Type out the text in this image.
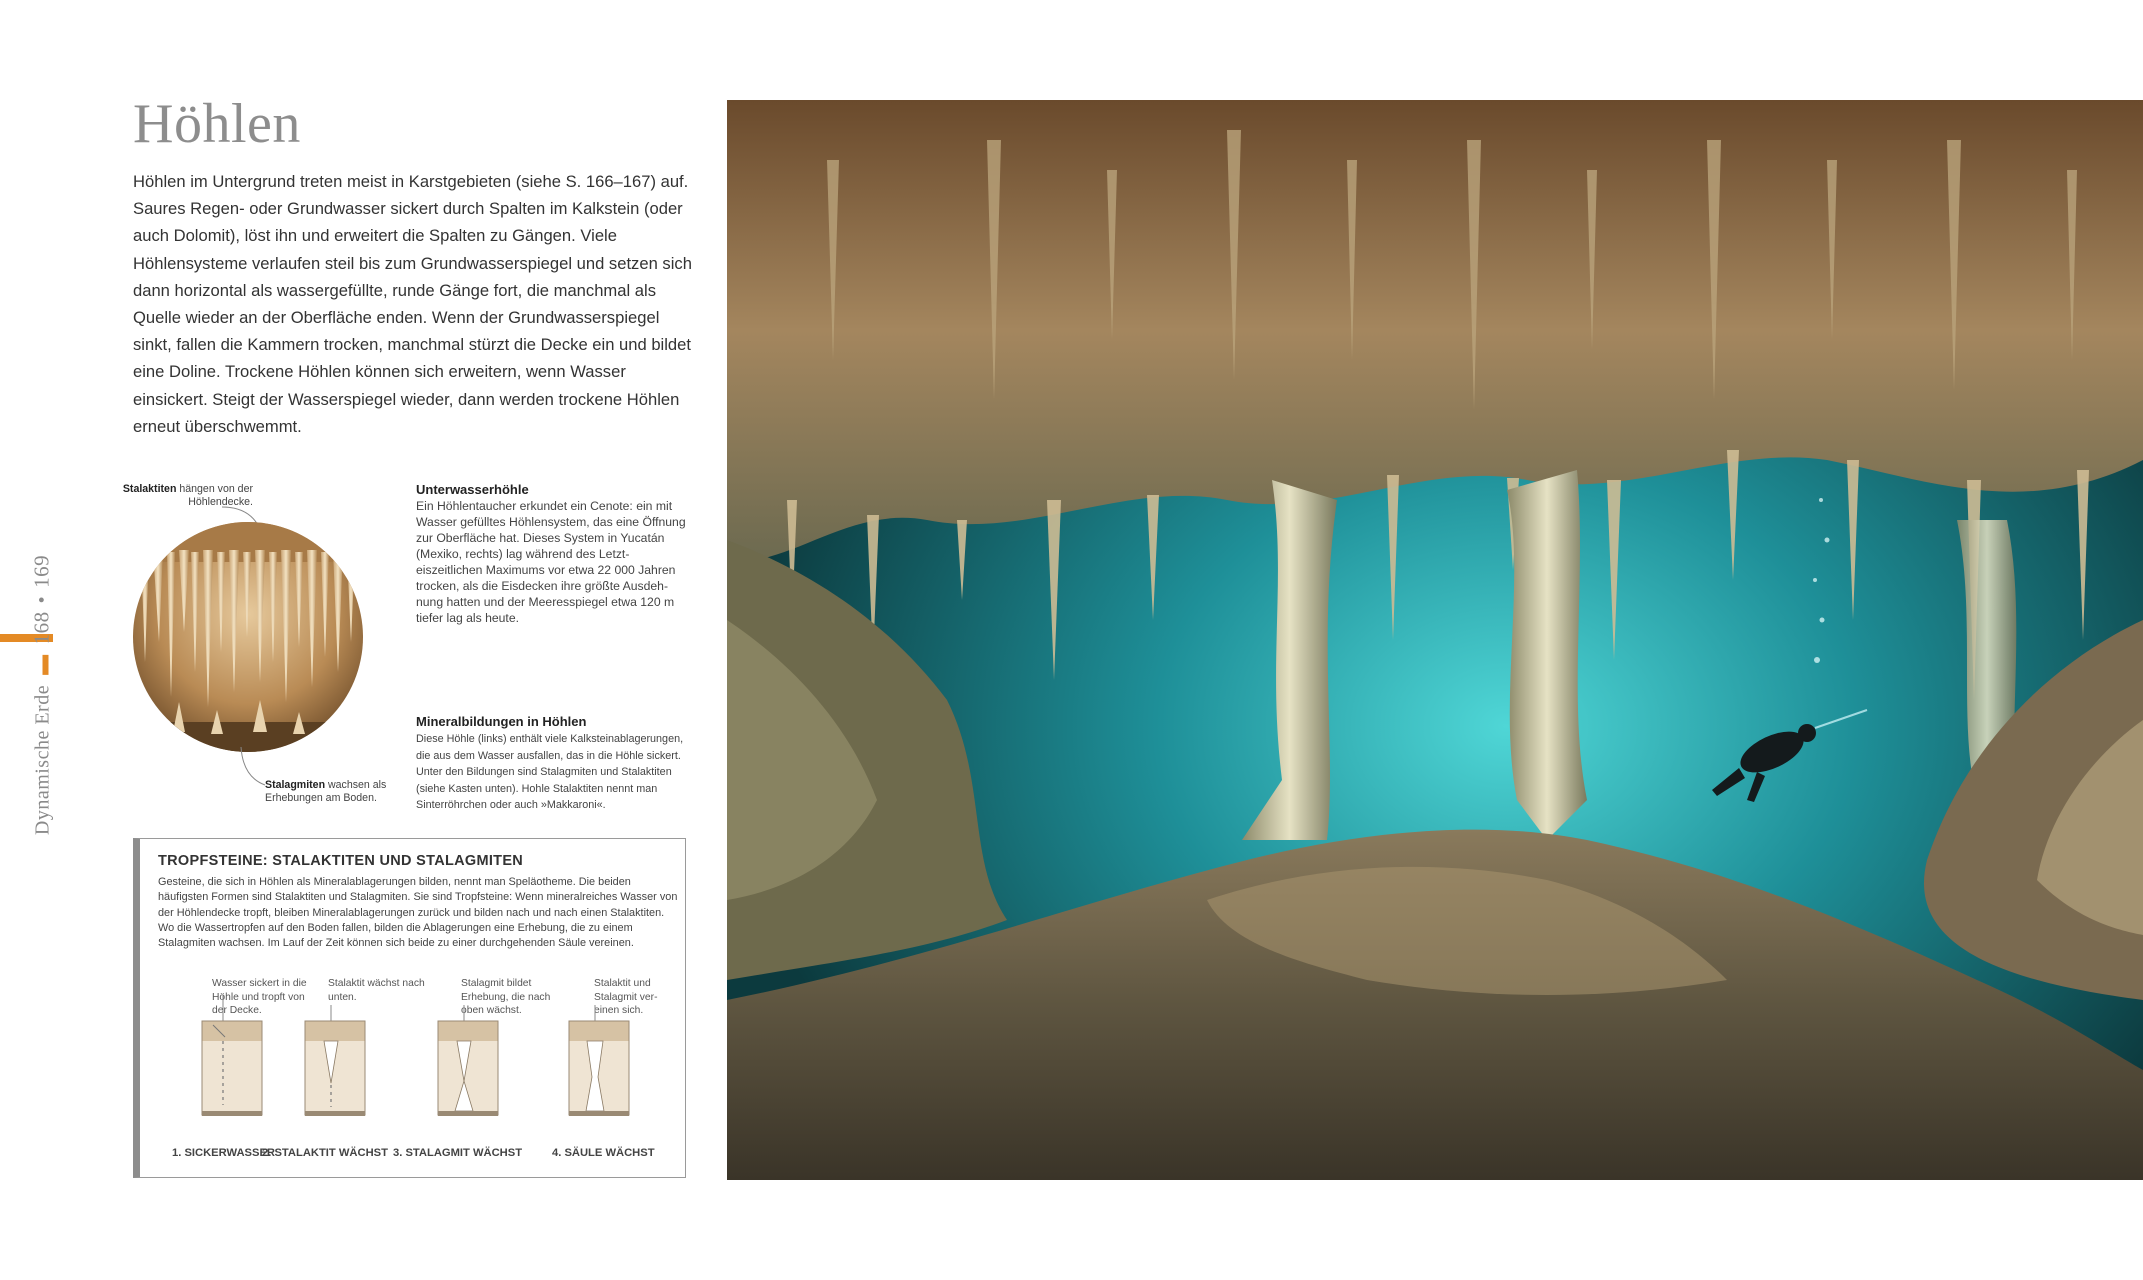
Dynamische Erde▬168•169
Höhlen
Höhlen im Untergrund treten meist in Karstgebieten (siehe S. 166–167) auf. Saures Regen- oder Grundwasser sickert durch Spalten im Kalkstein (oder auch Dolomit), löst ihn und erweitert die Spalten zu Gängen. Viele Höhlensysteme verlaufen steil bis zum Grundwasserspiegel und setzen sich dann horizontal als wassergefüllte, runde Gänge fort, die manchmal als Quelle wieder an der Oberfläche enden. Wenn der Grundwasserspiegel sinkt, fallen die Kammern trocken, manchmal stürzt die Decke ein und bildet eine Doline. Trockene Höhlen können sich erweitern, wenn Wasser einsickert. Steigt der Wasserspiegel wieder, dann werden trockene Höhlen erneut überschwemmt.
Stalaktiten hängen von der Höhlendecke.
Stalagmiten wachsen als Erhebungen am Boden.
Unterwasserhöhle
Ein Höhlentaucher erkundet ein Cenote: ein mit Wasser gefülltes Höhlensystem, das eine Öffnung zur Oberfläche hat. Dieses System in Yucatán (Mexiko, rechts) lag während des Letzteiszeitlichen Maximums vor etwa 22 000 Jahren trocken, als die Eisdecken ihre größte Ausdehnung hatten und der Meeresspiegel etwa 120 m tiefer lag als heute.
Mineralbildungen in Höhlen
Diese Höhle (links) enthält viele Kalksteinablagerungen, die aus dem Wasser ausfallen, das in die Höhle sickert. Unter den Bildungen sind Stalagmiten und Stalaktiten (siehe Kasten unten). Hohle Stalaktiten nennt man Sinterröhrchen oder auch »Makkaroni«.
TROPFSTEINE: STALAKTITEN UND STALAGMITEN
Gesteine, die sich in Höhlen als Mineralablagerungen bilden, nennt man Speläotheme. Die beiden häufigsten Formen sind Stalaktiten und Stalagmiten. Sie sind Tropfsteine: Wenn mineralreiches Wasser von der Höhlendecke tropft, bleiben Mineralablagerungen zurück und bilden nach und nach einen Stalaktiten. Wo die Wassertropfen auf den Boden fallen, bilden die Ablagerungen eine Erhebung, die zu einem Stalagmiten wachsen. Im Lauf der Zeit können sich beide zu einer durchgehenden Säule vereinen.
Wasser sickert in die Höhle und tropft von der Decke.
1. SICKERWASSER
Stalaktit wächst nach unten.
2. STALAKTIT WÄCHST
Stalagmit bildet Erhebung, die nach oben wächst.
3. STALAGMIT WÄCHST
Stalaktit und Stalagmit vereinen sich.
4. SÄULE WÄCHST
